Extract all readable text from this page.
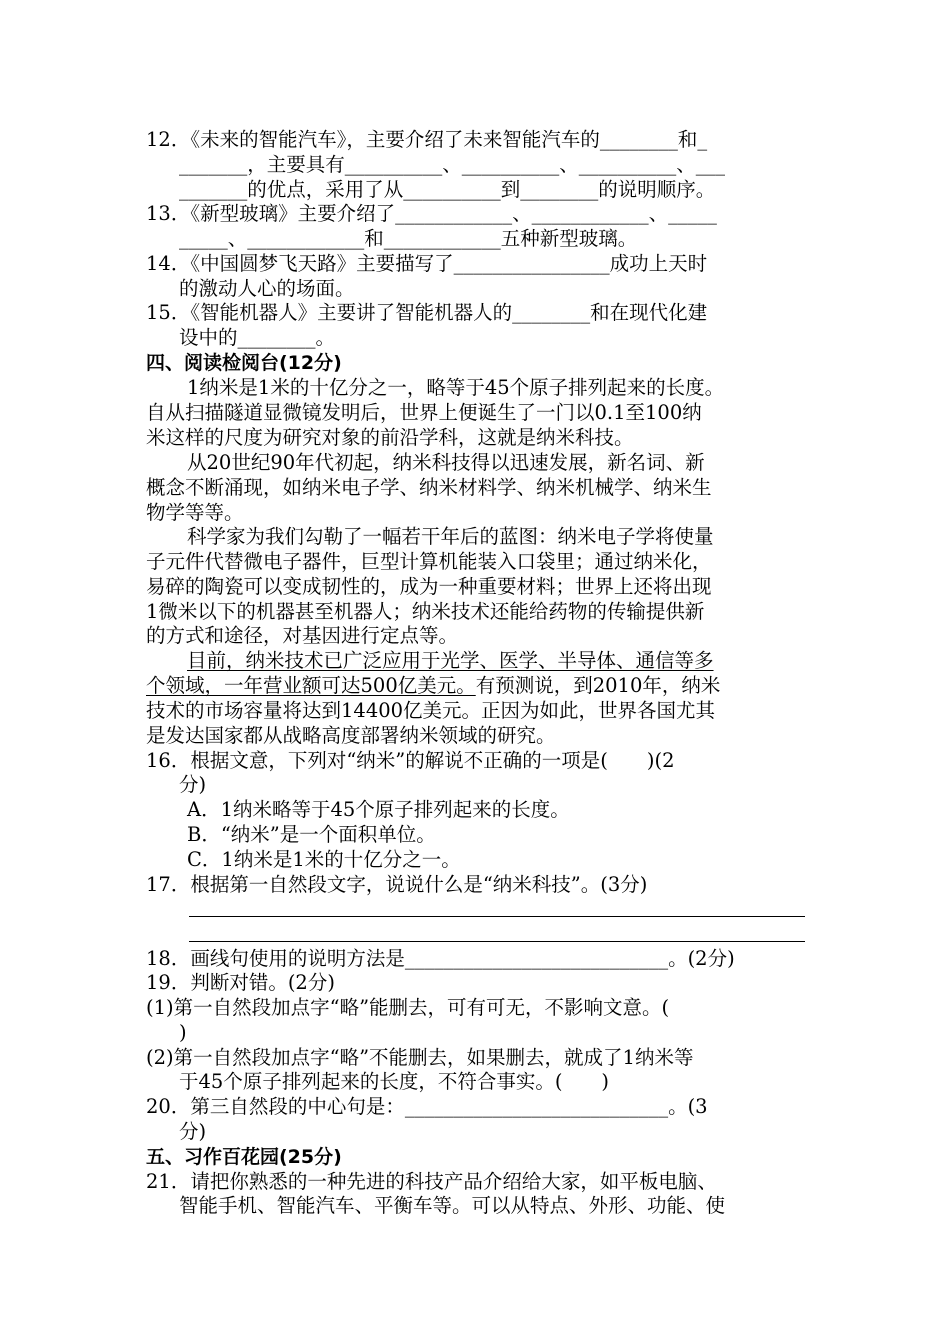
12．《未来的智能汽车》，主要介绍了未来智能汽车的________和_
_______，主要具有__________、__________、__________、___
_______的优点，采用了从__________到________的说明顺序。
13．《新型玻璃》主要介绍了____________、____________、_____
_____、____________和____________五种新型玻璃。
14．《中国圆梦飞天路》主要描写了________________成功上天时
的激动人心的场面。
15．《智能机器人》主要讲了智能机器人的________和在现代化建
设中的________。
四、阅读检阅台(12分)
1纳米是1米的十亿分之一，略等于45个原子排列起来的长度。
自从扫描隧道显微镜发明后，世界上便诞生了一门以0.1至100纳
米这样的尺度为研究对象的前沿学科，这就是纳米科技。
从20世纪90年代初起，纳米科技得以迅速发展，新名词、新
概念不断涌现，如纳米电子学、纳米材料学、纳米机械学、纳米生
物学等等。
科学家为我们勾勒了一幅若干年后的蓝图：纳米电子学将使量
子元件代替微电子器件，巨型计算机能装入口袋里；通过纳米化，
易碎的陶瓷可以变成韧性的，成为一种重要材料；世界上还将出现
1微米以下的机器甚至机器人；纳米技术还能给药物的传输提供新
的方式和途径，对基因进行定点等。
目前，纳米技术已广泛应用于光学、医学、半导体、通信等多
个领域，一年营业额可达500亿美元。有预测说，到2010年，纳米
技术的市场容量将达到14400亿美元。正因为如此，世界各国尤其
是发达国家都从战略高度部署纳米领域的研究。
16．根据文意，下列对“纳米”的解说不正确的一项是(　　)(2
分)
A．1纳米略等于45个原子排列起来的长度。
B．“纳米”是一个面积单位。
C．1纳米是1米的十亿分之一。
17．根据第一自然段文字，说说什么是“纳米科技”。(3分)
18．画线句使用的说明方法是___________________________。(2分)
19．判断对错。(2分)
(1)第一自然段加点字“略”能删去，可有可无，不影响文意。(
)
(2)第一自然段加点字“略”不能删去，如果删去，就成了1纳米等
于45个原子排列起来的长度，不符合事实。(　　)
20．第三自然段的中心句是：___________________________。(3
分)
五、习作百花园(25分)
21．请把你熟悉的一种先进的科技产品介绍给大家，如平板电脑、
智能手机、智能汽车、平衡车等。可以从特点、外形、功能、使
